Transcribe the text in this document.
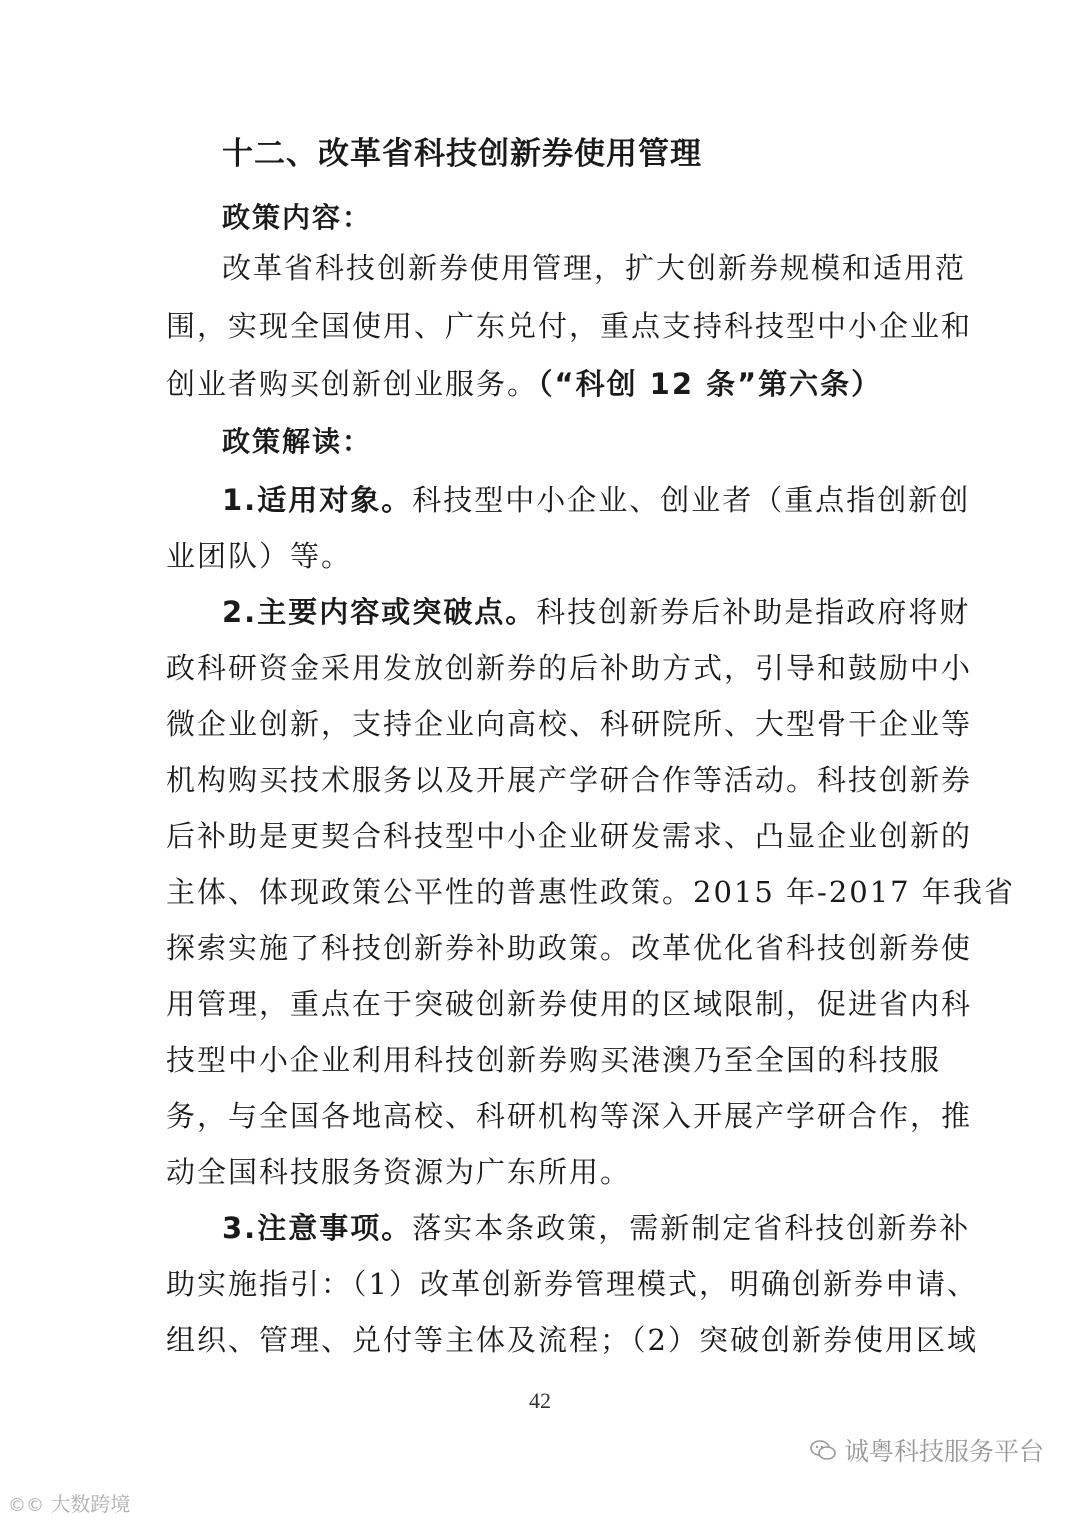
十二、改革省科技创新券使用管理
政策内容：
改革省科技创新券使用管理，扩大创新券规模和适用范
围，实现全国使用、广东兑付，重点支持科技型中小企业和
创业者购买创新创业服务。（“科创 12 条”第六条）
政策解读：
1.适用对象。科技型中小企业、创业者（重点指创新创
业团队）等。
2.主要内容或突破点。科技创新券后补助是指政府将财
政科研资金采用发放创新券的后补助方式，引导和鼓励中小
微企业创新，支持企业向高校、科研院所、大型骨干企业等
机构购买技术服务以及开展产学研合作等活动。科技创新券
后补助是更契合科技型中小企业研发需求、凸显企业创新的
主体、体现政策公平性的普惠性政策。2015 年-2017 年我省
探索实施了科技创新券补助政策。改革优化省科技创新券使
用管理，重点在于突破创新券使用的区域限制，促进省内科
技型中小企业利用科技创新券购买港澳乃至全国的科技服
务，与全国各地高校、科研机构等深入开展产学研合作，推
动全国科技服务资源为广东所用。
3.注意事项。落实本条政策，需新制定省科技创新券补
助实施指引：（1）改革创新券管理模式，明确创新券申请、
组织、管理、兑付等主体及流程；（2）突破创新券使用区域
42
诚粤科技服务平台
©© 大数跨境
